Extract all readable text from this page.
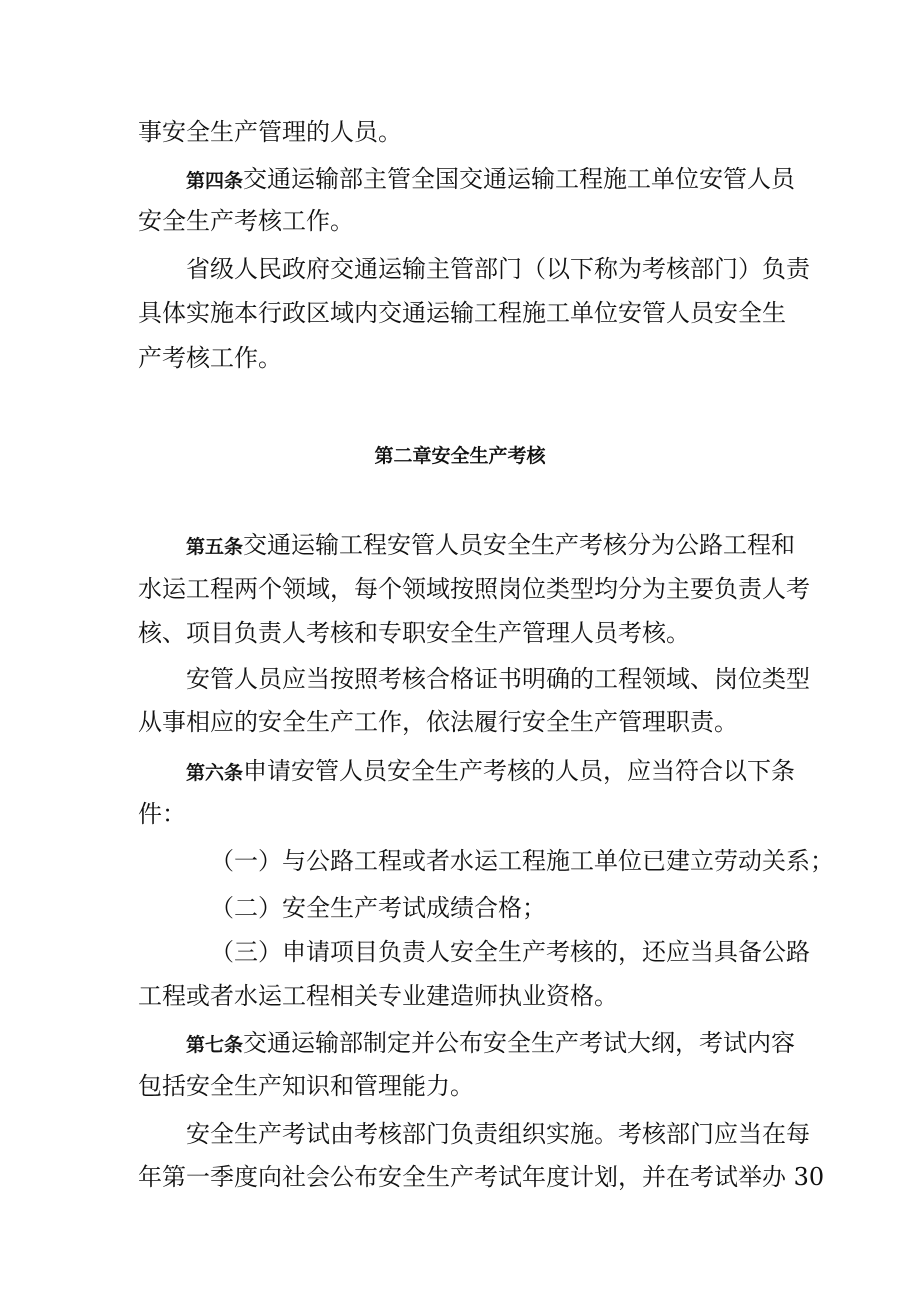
事安全生产管理的人员。
第四条交通运输部主管全国交通运输工程施工单位安管人员
安全生产考核工作。
省级人民政府交通运输主管部门（以下称为考核部门）负责
具体实施本行政区域内交通运输工程施工单位安管人员安全生
产考核工作。
第二章安全生产考核
第五条交通运输工程安管人员安全生产考核分为公路工程和
水运工程两个领域，每个领域按照岗位类型均分为主要负责人考
核、项目负责人考核和专职安全生产管理人员考核。
安管人员应当按照考核合格证书明确的工程领域、岗位类型
从事相应的安全生产工作，依法履行安全生产管理职责。
第六条申请安管人员安全生产考核的人员，应当符合以下条
件：
（一）与公路工程或者水运工程施工单位已建立劳动关系；
（二）安全生产考试成绩合格；
（三）申请项目负责人安全生产考核的，还应当具备公路
工程或者水运工程相关专业建造师执业资格。
第七条交通运输部制定并公布安全生产考试大纲，考试内容
包括安全生产知识和管理能力。
安全生产考试由考核部门负责组织实施。考核部门应当在每
年第一季度向社会公布安全生产考试年度计划，并在考试举办 30
